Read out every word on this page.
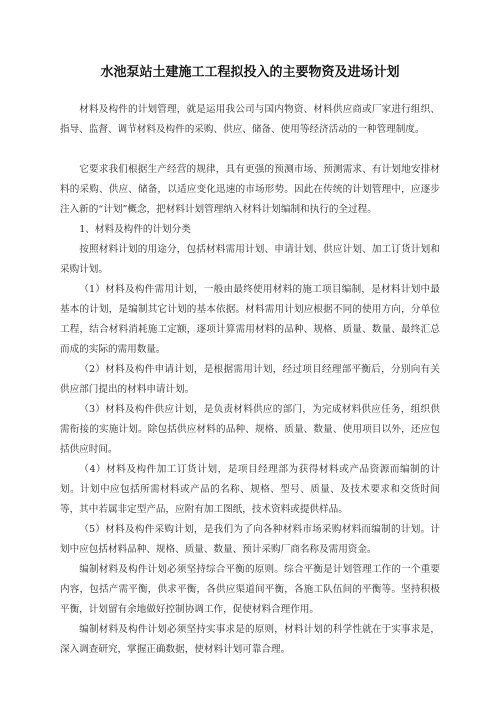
水池泵站土建施工工程拟投入的主要物资及进场计划

材料及构件的计划管理，就是运用我公司与国内物资、材料供应商或厂家进行组织、指导、监督、调节材料及构件的采购、供应、储备、使用等经济活动的一种管理制度。

它要求我们根据生产经营的规律，具有更强的预测市场、预测需求、有计划地安排材料的采购、供应、储备，以适应变化迅速的市场形势。因此在传统的计划管理中，应逐步注入新的“计划”概念，把材料计划管理纳入材料计划编制和执行的全过程。

1、材料及构件的计划分类

按照材料计划的用途分，包括材料需用计划、申请计划、供应计划、加工订货计划和采购计划。

（1）材料及构件需用计划，一般由最终使用材料的施工项目编制，是材料计划中最基本的计划，是编制其它计划的基本依据。材料需用计划应根据不同的使用方向，分单位工程，结合材料消耗施工定额，逐项计算需用材料的品种、规格、质量、数量、最终汇总而成的实际的需用数量。

（2）材料及构件申请计划，是根据需用计划，经过项目经理部平衡后，分别向有关供应部门提出的材料申请计划。

（3）材料及构件供应计划，是负责材料供应的部门，为完成材料供应任务，组织供需衔接的实施计划。除包括供应材料的品种、规格、质量、数量、使用项目以外，还应包括供应时间。

（4）材料及构件加工订货计划，是项目经理部为获得材料或产品资源而编制的计划。计划中应包括所需材料或产品的名称、规格、型号、质量、及技术要求和交货时间等，其中若属非定型产品，应附有加工图纸，技术资料或提供样品。

（5）材料及构件采购计划，是我们为了向各种材料市场采购材料而编制的计划。计划中应包括材料品种、规格、质量、数量、预计采购厂商名称及需用资金。

编制材料及构件计划必须坚持综合平衡的原则。综合平衡是计划管理工作的一个重要内容，包括产需平衡，供求平衡，各供应渠道间平衡，各施工队伍间的平衡等。坚持积极平衡，计划留有余地做好控制协调工作，促使材料合理作用。

编制材料及构件计划必须坚持实事求是的原则，材料计划的科学性就在于实事求是，深入调查研究，掌握正确数据，使材料计划可靠合理。
